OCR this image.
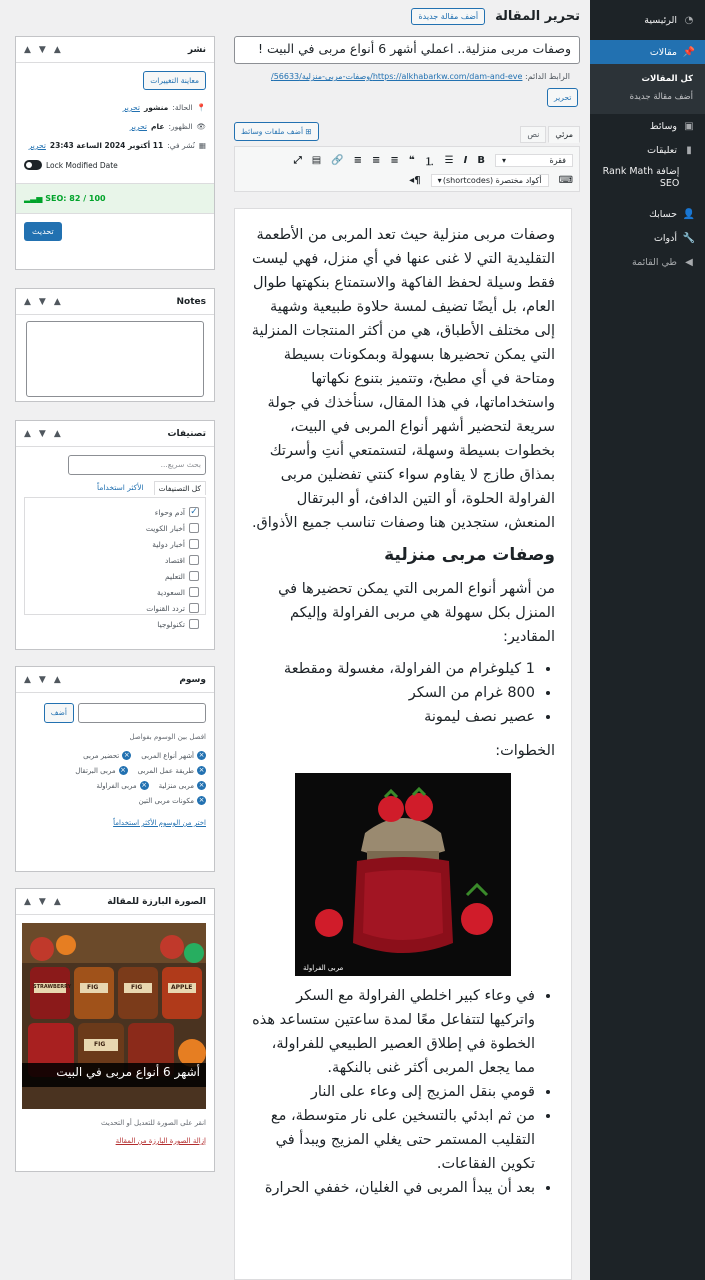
◔
الرئيسية
📌
مقالات
كل المقالات
أضف مقالة جديدة
▣
وسائط
▮
تعليقات
إضافة Rank Math SEO
👤
حسابك
🔧
أدوات
◀
طي القائمة
تحرير المقالة
أضف مقالة جديدة
وصفات مربى منزلية.. اعملي أشهر 6 أنواع مربى في البيت !
الرابط الدائم: https://alkhabarkw.com/dam-and-eve/وصفات-مربى-منزلية/56633/
تحرير
⊞ أضف ملفات وسائط	مرئي
نص
فقرة
▾
B
I
☰
⒈
❝
≡
≡
≡
🔗
▤
⤢
⌨
أكواد مختصرة (shortcodes)
▾
¶◂

وصفات مربى منزلية حيث تعد المربى من الأطعمة التقليدية التي لا غنى عنها في أي منزل، فهي ليست فقط وسيلة لحفظ الفاكهة والاستمتاع بنكهتها طوال العام، بل أيضًا تضيف لمسة حلاوة طبيعية وشهية إلى مختلف الأطباق، هي من أكثر المنتجات المنزلية التي يمكن تحضيرها بسهولة وبمكونات بسيطة ومتاحة في أي مطبخ، وتتميز بتنوع نكهاتها واستخداماتها، في هذا المقال، سنأخذك في جولة سريعة لتحضير أشهر أنواع المربى في البيت، بخطوات بسيطة وسهلة، لتستمتعي أنتِ وأسرتك بمذاق طازج لا يقاوم سواء كنتي تفضلين مربى الفراولة الحلوة، أو التين الدافئ، أو البرتقال المنعش، ستجدين هنا وصفات تناسب جميع الأذواق.

وصفات مربى منزلية

من أشهر أنواع المربى التي يمكن تحضيرها في المنزل بكل سهولة هي مربى الفراولة وإليكم المقادير:

• 1 كيلوغرام من الفراولة، مغسولة ومقطعة
• 800 غرام من السكر
• عصير نصف ليمونة

الخطوات:

مربى الفراولة
• في وعاء كبير اخلطي الفراولة مع السكر واتركيها لتتفاعل معًا لمدة ساعتين ستساعد هذه الخطوة في إطلاق العصير الطبيعي للفراولة، مما يجعل المربى أكثر غنى بالنكهة.
• قومي بنقل المزيج إلى وعاء على النار
• من ثم ابدئي بالتسخين على نار متوسطة، مع التقليب المستمر حتى يغلي المزيج ويبدأ في تكوين الفقاعات.
• بعد أن يبدأ المربى في الغليان، خففي الحرارة
نشر
▲ ▼ ▲
معاينة التغييرات
📍
الحالة:
منشور
تحرير
👁
الظهور:
عام
تحرير
▦
نُشر في:
11 أكتوبر 2024 الساعة 23:43
تحرير
Lock Modified Date
▂▃▅ SEO: 82 / 100
تحديث
▲ ▼ ▲	Notes
تصنيفات
▲ ▼ ▲
بحث سريع...
كل التصنيفات
الأكثر استخداماً
✓
آدم وحواء
أخبار الكويت
أخبار دولية
اقتصاد
التعليم
السعودية
تردد القنوات
تكنولوجيا
وسوم
▲ ▼ ▲
أضف
افصل بين الوسوم بفواصل
×
أشهر أنواع المربى
×
تحضير مربى
×
طريقة عمل المربى
×
مربى البرتقال
×
مربى منزلية
×
مربى الفراولة
×
مكونات مربى التين
اختر من الوسوم الأكثر استخداماً
الصورة البارزة للمقالة
▲ ▼ ▲
STRAWBERRY	FIG	FIG	APPLE
FIG
أشهر 6 أنواع مربى في البيت
انقر على الصورة للتعديل أو التحديث
إزالة الصورة البارزة من المقالة
